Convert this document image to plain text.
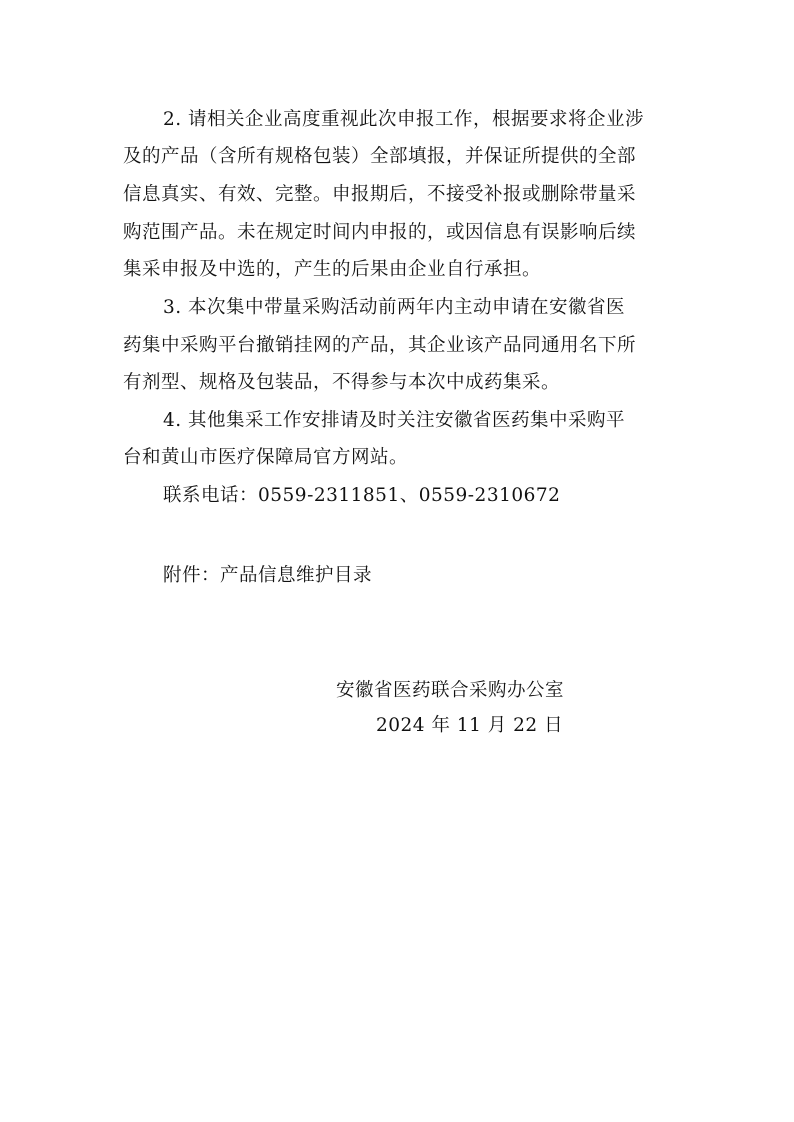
2. 请相关企业高度重视此次申报工作，根据要求将企业涉

及的产品（含所有规格包装）全部填报，并保证所提供的全部

信息真实、有效、完整。申报期后，不接受补报或删除带量采

购范围产品。未在规定时间内申报的，或因信息有误影响后续

集采申报及中选的，产生的后果由企业自行承担。

3. 本次集中带量采购活动前两年内主动申请在安徽省医

药集中采购平台撤销挂网的产品，其企业该产品同通用名下所

有剂型、规格及包装品，不得参与本次中成药集采。

4. 其他集采工作安排请及时关注安徽省医药集中采购平

台和黄山市医疗保障局官方网站。

联系电话：0559-2311851、0559-2310672

附件：产品信息维护目录

安徽省医药联合采购办公室

2024 年 11 月 22 日
